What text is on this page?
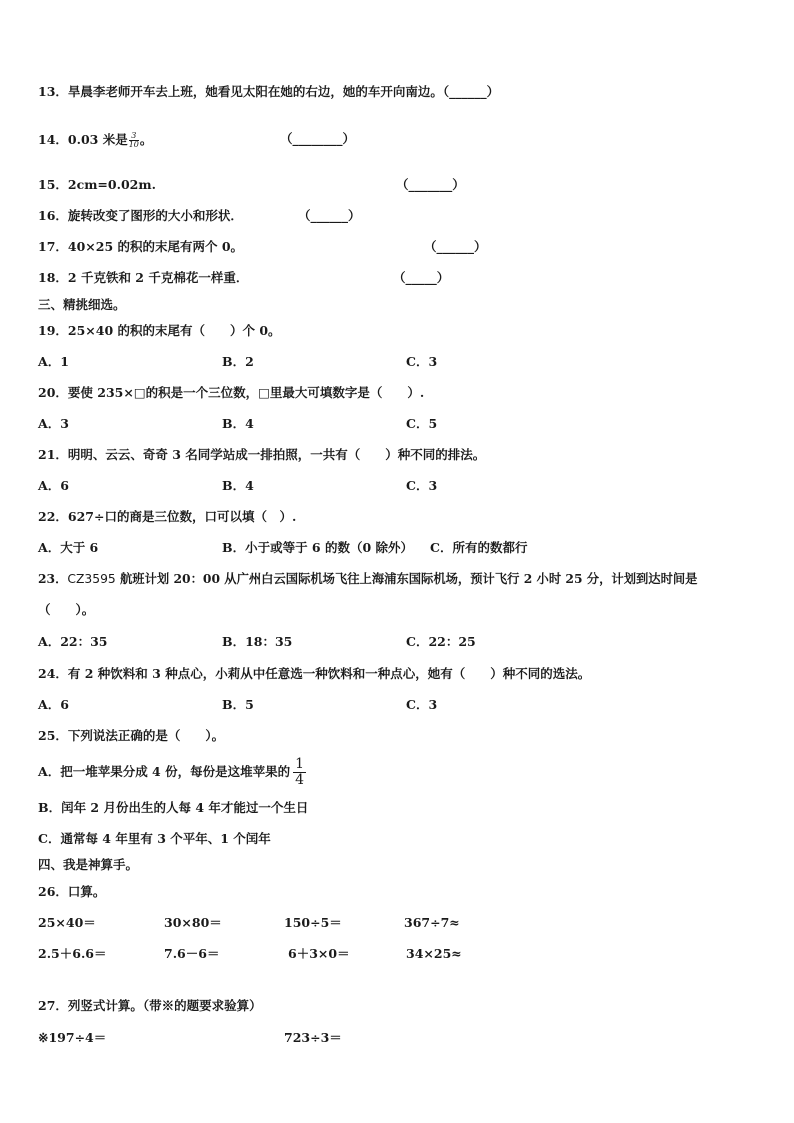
13．旱晨李老师开车去上班，她看见太阳在她的右边，她的车开向南边。（______）
14．0.03 米是 $\frac{3}{10}$ 。	（________）
15．2cm=0.02m.	（_______）
16．旋转改变了图形的大小和形状．	（______）
17．40×25 的积的末尾有两个 0。	（______）
18．2 千克铁和 2 千克棉花一样重．	（_____）
三、精挑细选。
19．25×40 的积的末尾有（　　）个 0。
A．1	B．2	C．3
20．要使 235×□的积是一个三位数，□里最大可填数字是（　　）.
A．3	B．4	C．5
21．明明、云云、奇奇 3 名同学站成一排拍照，一共有（　　）种不同的排法。
A．6	B．4	C．3
22．627÷口的商是三位数，口可以填（　）.
A．大于 6	B．小于或等于 6 的数（0 除外） C．所有的数都行
23．CZ3595 航班计划 20：00 从广州白云国际机场飞往上海浦东国际机场，预计飞行 2 小时 25 分，计划到达时间是
（　　）。
A．22：35	B．18：35	C．22：25
24．有 2 种饮料和 3 种点心，小莉从中任意选一种饮料和一种点心，她有（　　）种不同的选法。
A．6	B．5	C．3
25．下列说法正确的是（　　）。
A．把一堆苹果分成 4 份，每份是这堆苹果的 $\frac{1}{4}$
B．闰年 2 月份出生的人每 4 年才能过一个生日
C．通常每 4 年里有 3 个平年、1 个闰年
四、我是神算手。
26．口算。
25×40＝	30×80＝	150÷5＝	367÷7≈
2.5＋6.6＝	7.6－6＝	6＋3×0＝	34×25≈
27．列竖式计算。（带※的题要求验算）
※197÷4＝	723÷3＝
